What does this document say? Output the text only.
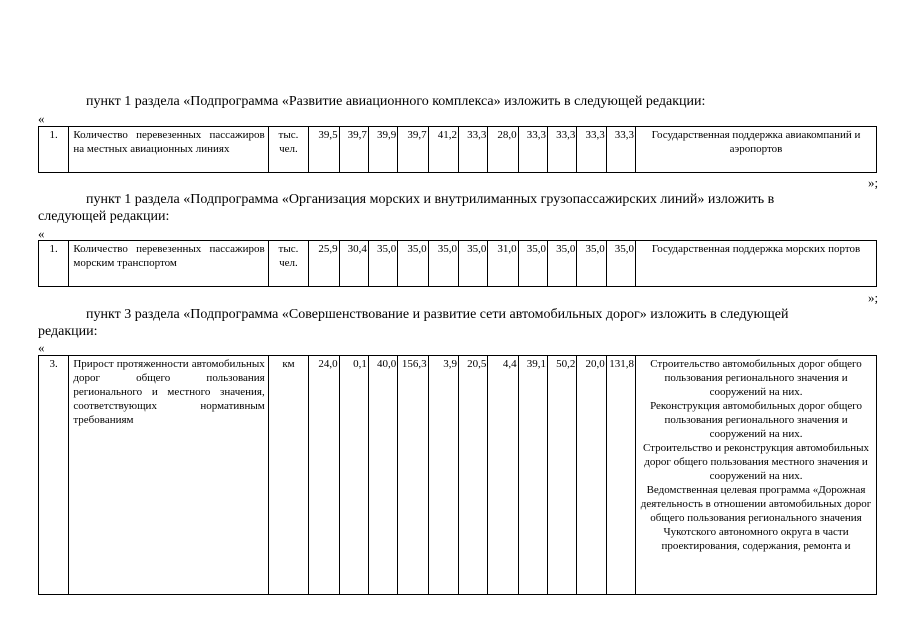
пункт 1 раздела «Подпрограмма «Развитие авиационного комплекса» изложить в следующей редакции:
«
1.	Количество перевезенных пассажиров на местных авиационных линиях	тыс. чел.	39,5	39,7	39,9	39,7	41,2	33,3	28,0	33,3	33,3	33,3	33,3	Государственная поддержка авиакомпаний и аэропортов
»;
пункт 1 раздела «Подпрограмма «Организация морских и внутрилиманных грузопассажирских линий» изложить в
следующей редакции:
«
1.	Количество перевезенных пассажиров морским транспортом	тыс. чел.	25,9	30,4	35,0	35,0	35,0	35,0	31,0	35,0	35,0	35,0	35,0	Государственная поддержка морских портов
»;
пункт 3 раздела «Подпрограмма «Совершенствование и развитие сети автомобильных дорог» изложить в следующей
редакции:
«
3.	Прирост протяженности автомобильных дорог общего пользования регионального и местного значения, соответствующих нормативным требованиям	км	24,0	0,1	40,0	156,3	3,9	20,5	4,4	39,1	50,2	20,0	131,8	Строительство автомобильных дорог общего пользования регионального значения и сооружений на них.
Реконструкция автомобильных дорог общего пользования регионального значения и сооружений на них.
Строительство и реконструкция автомобильных дорог общего пользования местного значения и сооружений на них.
Ведомственная целевая программа «Дорожная деятельность в отношении автомобильных дорог общего пользования регионального значения Чукотского автономного округа в части проектирования, содержания, ремонта и
